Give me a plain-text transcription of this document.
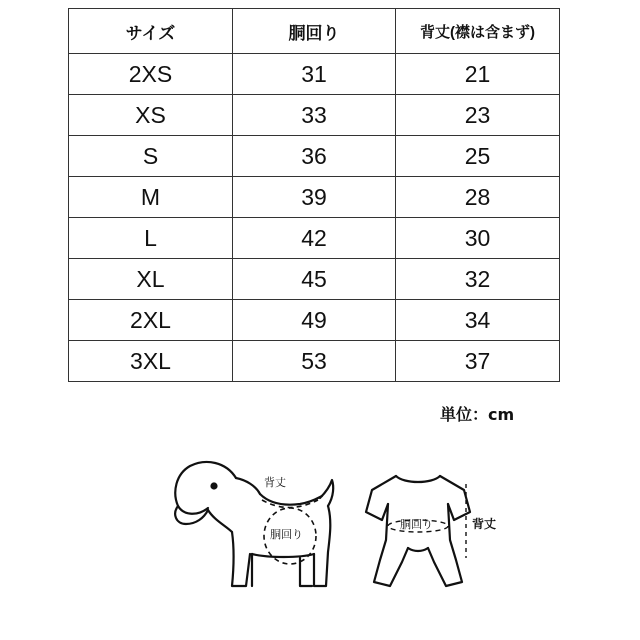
サイズ	胴回り	背丈(襟は含まず)
2XS	31	21
XS	33	23
S	36	25
M	39	28
L	42	30
XL	45	32
2XL	49	34
3XL	53	37
単位：cm
背丈
胴回り
胴回り	背丈
